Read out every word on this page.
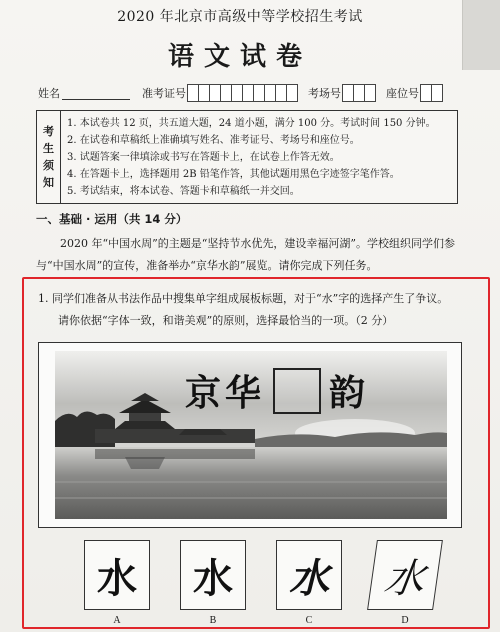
2020 年北京市高级中等学校招生考试
语文试卷
姓名	准考证号	考场号	座位号
考
生
须
知
1. 本试卷共 12 页，共五道大题，24 道小题，满分 100 分。考试时间 150 分钟。
2. 在试卷和草稿纸上准确填写姓名、准考证号、考场号和座位号。
3. 试题答案一律填涂或书写在答题卡上，在试卷上作答无效。
4. 在答题卡上，选择题用 2B 铅笔作答，其他试题用黑色字迹签字笔作答。
5. 考试结束，将本试卷、答题卡和草稿纸一并交回。
一、基础 · 运用（共 14 分）
2020 年“中国水周”的主题是“坚持节水优先，建设幸福河湖”。学校组织同学们参与“中国水周”的宣传，准备举办“京华水韵”展览。请你完成下列任务。
1. 同学们准备从书法作品中搜集单字组成展板标题，对于“水”字的选择产生了争议。
请你依据“字体一致，和谐美观”的原则，选择最恰当的一项。（2 分）
京 华 韵
水
A
水
B
水
C
水
D
